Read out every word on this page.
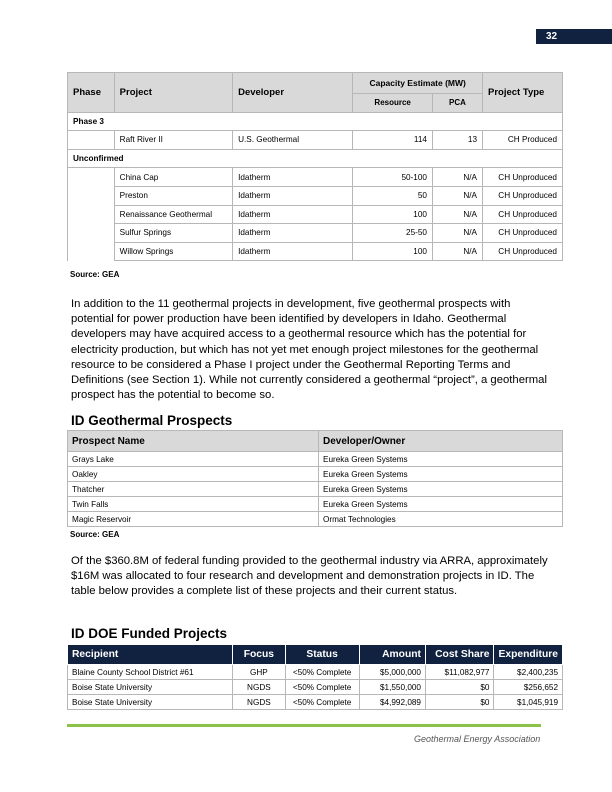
32
Phase	Project	Developer	Capacity Estimate (MW)		Project Type
			Resource	PCA	
Phase 3					
	Raft River II	U.S. Geothermal	114	13	CH Produced
Unconfirmed					
	China Cap	Idatherm	50-100	N/A	CH Unproduced
	Preston	Idatherm	50	N/A	CH Unproduced
	Renaissance Geothermal	Idatherm	100	N/A	CH Unproduced
	Sulfur Springs	Idatherm	25-50	N/A	CH Unproduced
	Willow Springs	Idatherm	100	N/A	CH Unproduced
Source: GEA
In addition to the 11 geothermal projects in development, five geothermal prospects with potential for power production have been identified by developers in Idaho. Geothermal developers may have acquired access to a geothermal resource which has the potential for electricity production, but which has not yet met enough project milestones for the geothermal resource to be considered a Phase I project under the Geothermal Reporting Terms and Definitions (see Section 1). While not currently considered a geothermal “project”, a geothermal prospect has the potential to become so.
ID Geothermal Prospects
Prospect Name	Developer/Owner
Grays Lake	Eureka Green Systems
Oakley	Eureka Green Systems
Thatcher	Eureka Green Systems
Twin Falls	Eureka Green Systems
Magic Reservoir	Ormat Technologies
Source: GEA
Of the $360.8M of federal funding provided to the geothermal industry via ARRA, approximately $16M was allocated to four research and development and demonstration projects in ID. The table below provides a complete list of these projects and their current status.
ID DOE Funded Projects
Recipient	Focus	Status	Amount	Cost Share	Expenditure
Blaine County School District #61	GHP	<50% Complete	$5,000,000	$11,082,977	$2,400,235
Boise State University	NGDS	<50% Complete	$1,550,000	$0	$256,652
Boise State University	NGDS	<50% Complete	$4,992,089	$0	$1,045,919
Geothermal Energy Association
